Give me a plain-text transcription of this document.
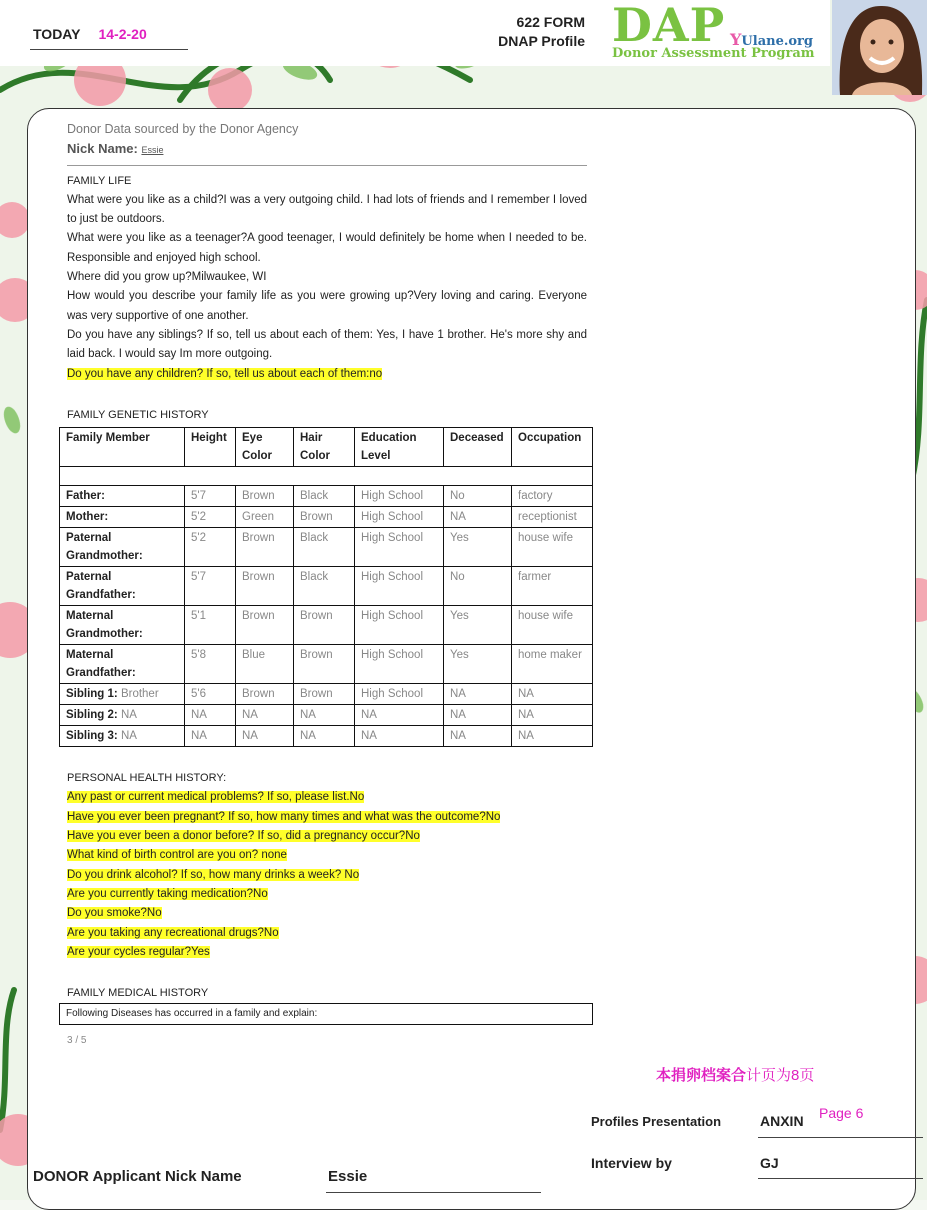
TODAY 14-2-20
622 FORM
DNAP Profile DAP YUlane.org
Donor Assessment Program
Donor Data sourced by the Donor Agency
Nick Name: Essie
FAMILY LIFE
What were you like as a child?I was a very outgoing child. I had lots of friends and I remember I loved to just be outdoors.
What were you like as a teenager?A good teenager, I would definitely be home when I needed to be. Responsible and enjoyed high school.
Where did you grow up?Milwaukee, WI
How would you describe your family life as you were growing up?Very loving and caring. Everyone was very supportive of one another.
Do you have any siblings? If so, tell us about each of them: Yes, I have 1 brother. He's more shy and laid back. I would say Im more outgoing.
Do you have any children? If so, tell us about each of them:no
FAMILY GENETIC HISTORY
Family Member	Height	Eye Color	Hair Color	Education Level	Deceased	Occupation

Father:	5'7	Brown	Black	High School	No	factory
Mother:	5'2	Green	Brown	High School	NA	receptionist
Paternal Grandmother:	5'2	Brown	Black	High School	Yes	house wife
Paternal Grandfather:	5'7	Brown	Black	High School	No	farmer
Maternal Grandmother:	5'1	Brown	Brown	High School	Yes	house wife
Maternal Grandfather:	5'8	Blue	Brown	High School	Yes	home maker
Sibling 1: Brother	5'6	Brown	Brown	High School	NA	NA
Sibling 2: NA	NA	NA	NA	NA	NA	NA
Sibling 3: NA	NA	NA	NA	NA	NA	NA
PERSONAL HEALTH HISTORY:
Any past or current medical problems? If so, please list.No
Have you ever been pregnant? If so, how many times and what was the outcome?No
Have you ever been a donor before? If so, did a pregnancy occur?No
What kind of birth control are you on? none
Do you drink alcohol? If so, how many drinks a week? No
Are you currently taking medication?No
Do you smoke?No
Are you taking any recreational drugs?No
Are your cycles regular?Yes
FAMILY MEDICAL HISTORY
Following Diseases has occurred in a family and explain:
3 / 5
本捐卵档案合计页为8页
Profiles Presentation	ANXIN Page 6
Interview by	GJ
DONOR Applicant Nick Name	Essie
